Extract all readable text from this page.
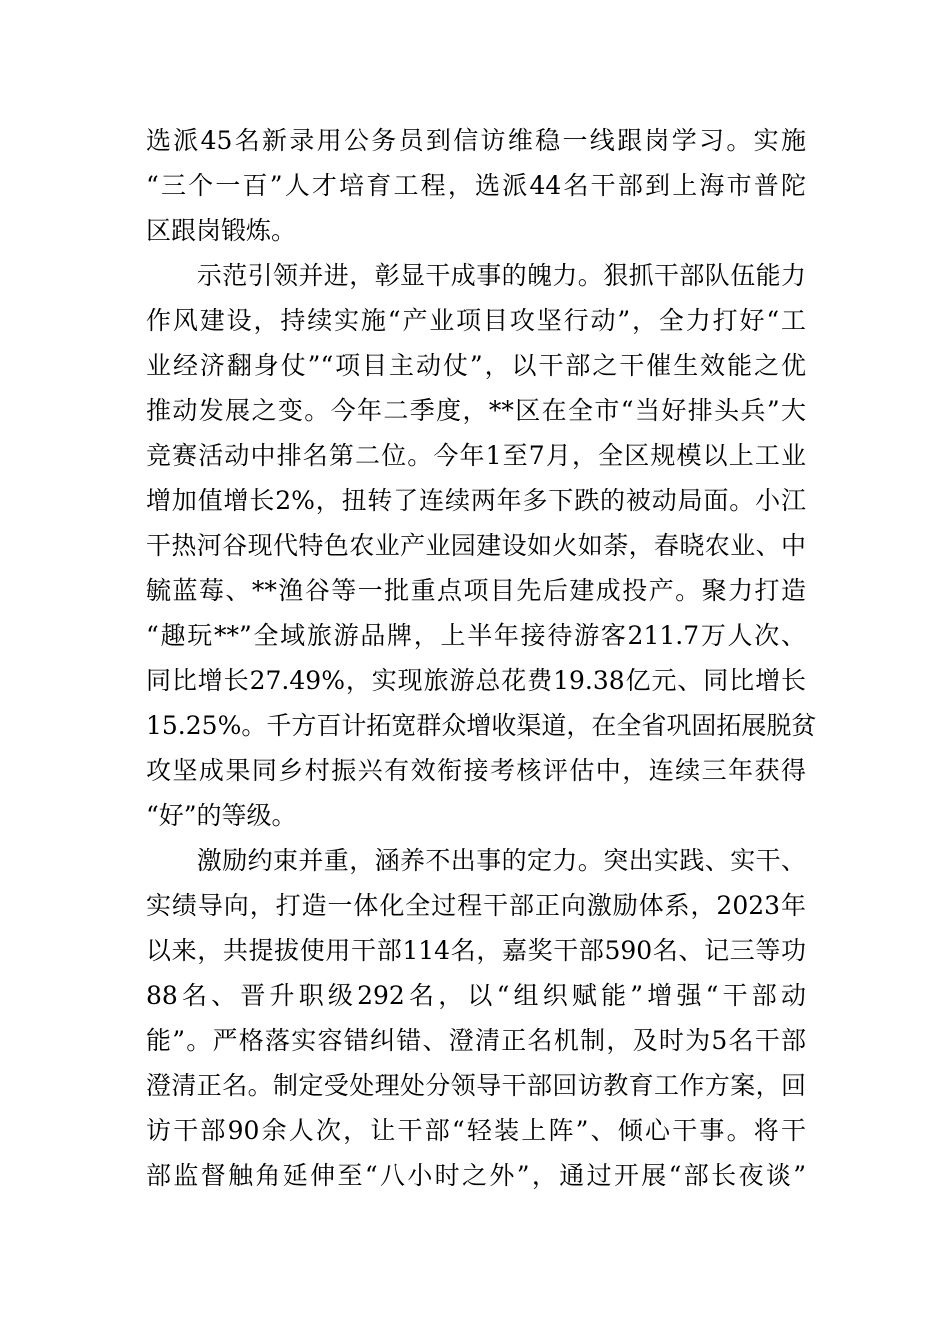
选派45名新录用公务员到信访维稳一线跟岗学习。实施
“三个一百”人才培育工程，选派44名干部到上海市普陀
区跟岗锻炼。
　　示范引领并进，彰显干成事的魄力。狠抓干部队伍能力
作风建设，持续实施“产业项目攻坚行动”，全力打好“工
业经济翻身仗”“项目主动仗”，以干部之干催生效能之优
推动发展之变。今年二季度，**区在全市“当好排头兵”大
竞赛活动中排名第二位。今年1至7月，全区规模以上工业
增加值增长2%，扭转了连续两年多下跌的被动局面。小江
干热河谷现代特色农业产业园建设如火如荼，春晓农业、中
毓蓝莓、**渔谷等一批重点项目先后建成投产。聚力打造
“趣玩**”全域旅游品牌，上半年接待游客211.7万人次、
同比增长27.49%，实现旅游总花费19.38亿元、同比增长
15.25%。千方百计拓宽群众增收渠道，在全省巩固拓展脱贫
攻坚成果同乡村振兴有效衔接考核评估中，连续三年获得
“好”的等级。
　　激励约束并重，涵养不出事的定力。突出实践、实干、
实绩导向，打造一体化全过程干部正向激励体系，2023年
以来，共提拔使用干部114名，嘉奖干部590名、记三等功
88名、晋升职级292名，以“组织赋能”增强“干部动
能”。严格落实容错纠错、澄清正名机制，及时为5名干部
澄清正名。制定受处理处分领导干部回访教育工作方案，回
访干部90余人次，让干部“轻装上阵”、倾心干事。将干
部监督触角延伸至“八小时之外”，通过开展“部长夜谈”
